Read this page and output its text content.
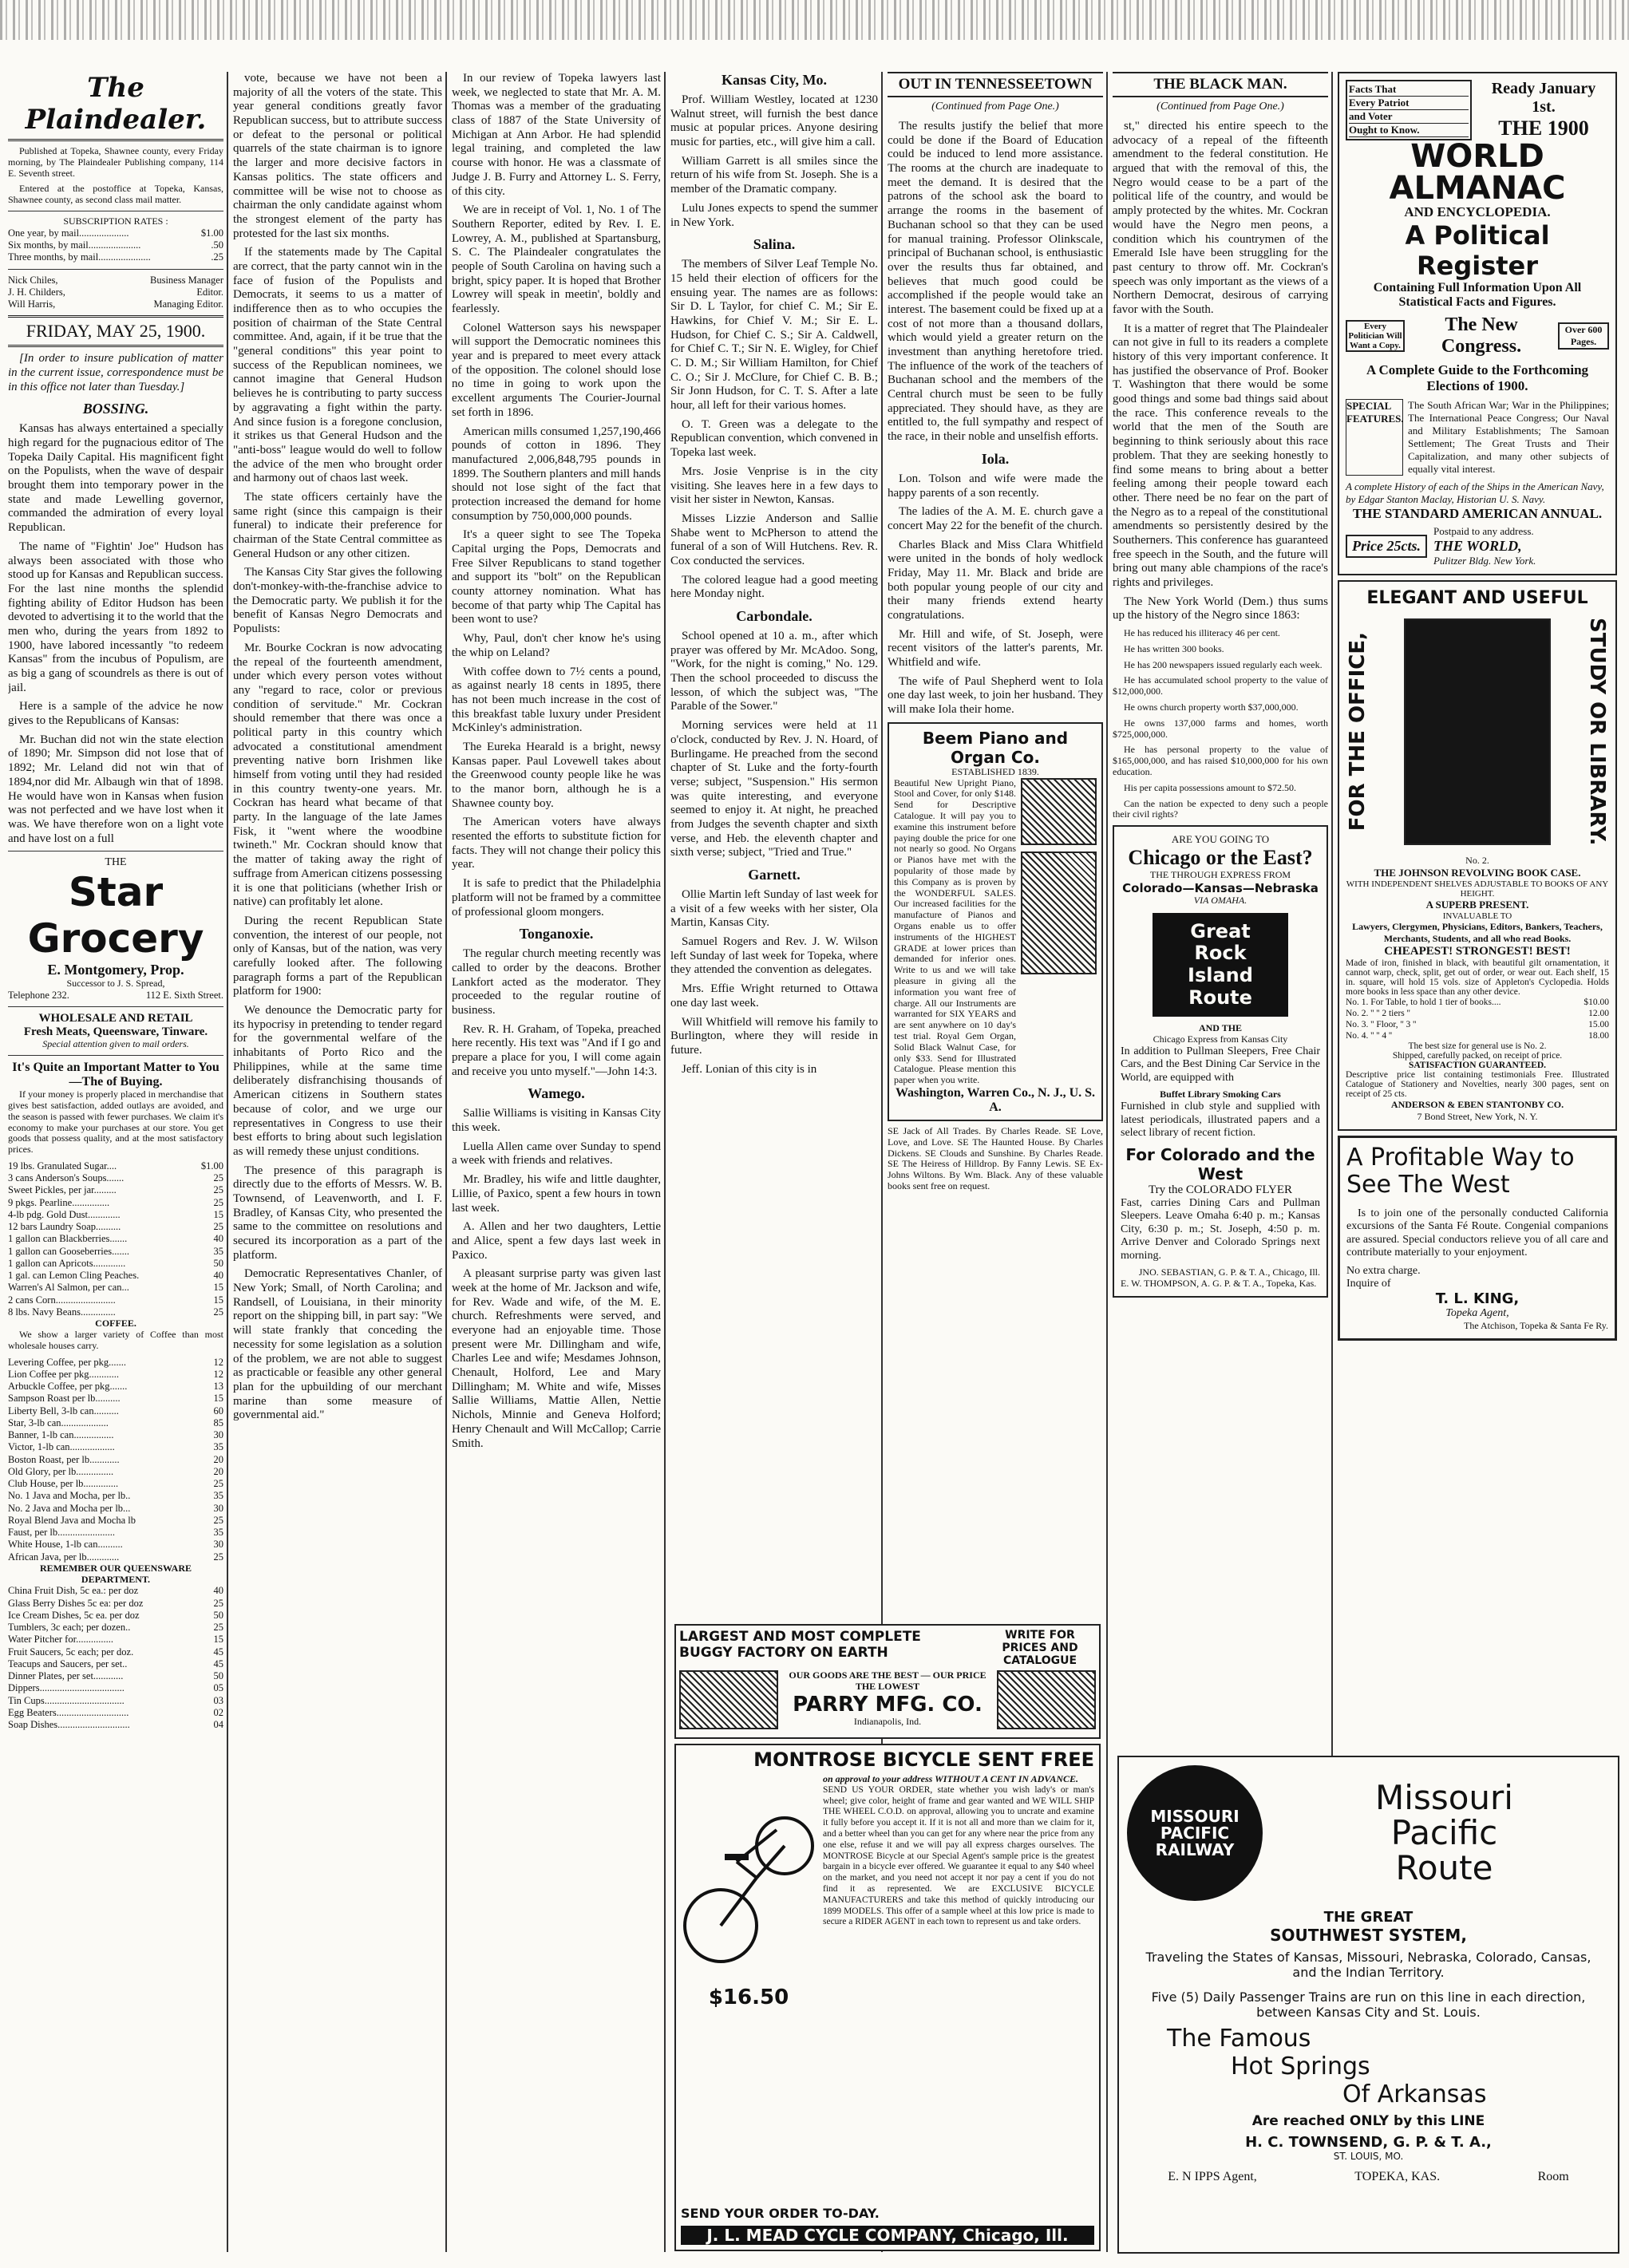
The Plaindealer.

Published at Topeka, Shawnee county, every Friday morning, by The Plaindealer Publishing company, 114 E. Seventh street.

Entered at the postoffice at Topeka, Kansas, Shawnee county, as second class mail matter.

SUBSCRIPTION RATES :
One year, by mail....................	$1.00
Six months, by mail.....................	.50
Three months, by mail.....................	.25
Nick Chiles,	Business Manager
J. H. Childers,	Editor.
Will Harris,	Managing Editor.
FRIDAY, MAY 25, 1900.

[In order to insure publication of matter in the current issue, correspondence must be in this office not later than Tuesday.]

BOSSING.

Kansas has always entertained a specially high regard for the pugnacious editor of The Topeka Daily Capital. His magnificent fight on the Populists, when the wave of despair brought them into temporary power in the state and made Lewelling governor, commanded the admiration of every loyal Republican.

The name of "Fightin' Joe" Hudson has always been associated with those who stood up for Kansas and Republican success. For the last nine months the splendid fighting ability of Editor Hudson has been devoted to advertising it to the world that the men who, during the years from 1892 to 1900, have labored incessantly "to redeem Kansas" from the incubus of Populism, are as big a gang of scoundrels as there is out of jail.

Here is a sample of the advice he now gives to the Republicans of Kansas:

Mr. Buchan did not win the state election of 1890; Mr. Simpson did not lose that of 1892; Mr. Leland did not win that of 1894,nor did Mr. Albaugh win that of 1898. He would have won in Kansas when fusion was not perfected and we have lost when it was. We have therefore won on a light vote and have lost on a full

THE
Star Grocery
E. Montgomery, Prop.
Successor to J. S. Spread,
Telephone 232.	112 E. Sixth Street.
WHOLESALE AND RETAIL
Fresh Meats, Queensware, Tinware.
Special attention given to mail orders.
It's Quite an Important Matter to You—The of Buying.

If your money is properly placed in merchandise that gives best satisfaction, added outlays are avoided, and the season is passed with fewer purchases. We claim it's economy to make your purchases at our store. You get goods that possess quality, and at the most satisfactory prices.

19 lbs. Granulated Sugar....	$1.00
3 cans Anderson's Soups.......	25
Sweet Pickles, per jar.........	25
9 pkgs. Pearline...............	25
4-lb pdg. Gold Dust.............	15
12 bars Laundry Soap..........	25
1 gallon can Blackberries.......	40
1 gallon can Gooseberries.......	35
1 gallon can Apricots.............	50
1 gal. can Lemon Cling Peaches.	40
Warren's Al Salmon, per can...	15
2 cans Corn........................	15
8 lbs. Navy Beans..............	25
COFFEE.

We show a larger variety of Coffee than most wholesale houses carry.

Levering Coffee, per pkg.......	12
Lion Coffee per pkg............	12
Arbuckle Coffee, per pkg.......	13
Sampson Roast per lb..........	15
Liberty Bell, 3-lb can..........	60
Star, 3-lb can...................	85
Banner, 1-lb can................	30
Victor, 1-lb can..................	35
Boston Roast, per lb............	20
Old Glory, per lb...............	20
Club House, per lb..............	25
No. 1 Java and Mocha, per lb..	35
No. 2 Java and Mocha per lb...	30
Royal Blend Java and Mocha lb	25
Faust, per lb.......................	35
White House, 1-lb can..........	30
African Java, per lb.............	25
REMEMBER OUR QUEENSWARE DEPARTMENT.
China Fruit Dish, 5c ea.: per doz	40
Glass Berry Dishes 5c ea: per doz	25
Ice Cream Dishes, 5c ea. per doz	50
Tumblers, 3c each; per dozen..	25
Water Pitcher for...............	15
Fruit Saucers, 5c each; per doz.	45
Teacups and Saucers, per set..	45
Dinner Plates, per set............	50
Dippers..................................	05
Tin Cups................................	03
Egg Beaters.............................	02
Soap Dishes.............................	04

vote, because we have not been a majority of all the voters of the state. This year general conditions greatly favor Republican success, but to attribute success or defeat to the personal or political quarrels of the state chairman is to ignore the larger and more decisive factors in Kansas politics. The state officers and committee will be wise not to choose as chairman the only candidate against whom the strongest element of the party has protested for the last six months.

If the statements made by The Capital are correct, that the party cannot win in the face of fusion of the Populists and Democrats, it seems to us a matter of indifference then as to who occupies the position of chairman of the State Central committee. And, again, if it be true that the "general conditions" this year point to success of the Republican nominees, we cannot imagine that General Hudson believes he is contributing to party success by aggravating a fight within the party. And since fusion is a foregone conclusion, it strikes us that General Hudson and the "anti-boss" league would do well to follow the advice of the men who brought order and harmony out of chaos last week.

The state officers certainly have the same right (since this campaign is their funeral) to indicate their preference for chairman of the State Central committee as General Hudson or any other citizen.

The Kansas City Star gives the following don't-monkey-with-the-franchise advice to the Democratic party. We publish it for the benefit of Kansas Negro Democrats and Populists:

Mr. Bourke Cockran is now advocating the repeal of the fourteenth amendment, under which every person votes without any "regard to race, color or previous condition of servitude." Mr. Cockran should remember that there was once a political party in this country which advocated a constitutional amendment preventing native born Irishmen like himself from voting until they had resided in this country twenty-one years. Mr. Cockran has heard what became of that party. In the language of the late James Fisk, it "went where the woodbine twineth." Mr. Cockran should know that the matter of taking away the right of suffrage from American citizens possessing it is one that politicians (whether Irish or native) can profitably let alone.

During the recent Republican State convention, the interest of our people, not only of Kansas, but of the nation, was very carefully looked after. The following paragraph forms a part of the Republican platform for 1900:

We denounce the Democratic party for its hypocrisy in pretending to tender regard for the governmental welfare of the inhabitants of Porto Rico and the Philippines, while at the same time deliberately disfranchising thousands of American citizens in Southern states because of color, and we urge our representatives in Congress to use their best efforts to bring about such legislation as will remedy these unjust conditions.

The presence of this paragraph is directly due to the efforts of Messrs. W. B. Townsend, of Leavenworth, and I. F. Bradley, of Kansas City, who presented the same to the committee on resolutions and secured its incorporation as a part of the platform.

Democratic Representatives Chanler, of New York; Small, of North Carolina; and Randsell, of Louisiana, in their minority report on the shipping bill, in part say: "We will state frankly that conceding the necessity for some legislation as a solution of the problem, we are not able to suggest as practicable or feasible any other general plan for the upbuilding of our merchant marine than some measure of governmental aid."

In our review of Topeka lawyers last week, we neglected to state that Mr. A. M. Thomas was a member of the graduating class of 1887 of the State University of Michigan at Ann Arbor. He had splendid legal training, and completed the law course with honor. He was a classmate of Judge J. B. Furry and Attorney L. S. Ferry, of this city.

We are in receipt of Vol. 1, No. 1 of The Southern Reporter, edited by Rev. I. E. Lowrey, A. M., published at Spartansburg, S. C. The Plaindealer congratulates the people of South Carolina on having such a bright, spicy paper. It is hoped that Brother Lowrey will speak in meetin', boldly and fearlessly.

Colonel Watterson says his newspaper will support the Democratic nominees this year and is prepared to meet every attack of the opposition. The colonel should lose no time in going to work upon the excellent arguments The Courier-Journal set forth in 1896.

American mills consumed 1,257,190,466 pounds of cotton in 1896. They manufactured 2,006,848,795 pounds in 1899. The Southern planters and mill hands should not lose sight of the fact that protection increased the demand for home consumption by 750,000,000 pounds.

It's a queer sight to see The Topeka Capital urging the Pops, Democrats and Free Silver Republicans to stand together and support its "bolt" on the Republican county attorney nomination. What has become of that party whip The Capital has been wont to use?

Why, Paul, don't cher know he's using the whip on Leland?

With coffee down to 7½ cents a pound, as against nearly 18 cents in 1895, there has not been much increase in the cost of this breakfast table luxury under President McKinley's administration.

The Eureka Hearald is a bright, newsy Kansas paper. Paul Lovewell takes about the Greenwood county people like he was to the manor born, although he is a Shawnee county boy.

The American voters have always resented the efforts to substitute fiction for facts. They will not change their policy this year.

It is safe to predict that the Philadelphia platform will not be framed by a committee of professional gloom mongers.

Tonganoxie.

The regular church meeting recently was called to order by the deacons. Brother Lankfort acted as the moderator. They proceeded to the regular routine of business.

Rev. R. H. Graham, of Topeka, preached here recently. His text was "And if I go and prepare a place for you, I will come again and receive you unto myself."—John 14:3.

Wamego.

Sallie Williams is visiting in Kansas City this week.

Luella Allen came over Sunday to spend a week with friends and relatives.

Mr. Bradley, his wife and little daughter, Lillie, of Paxico, spent a few hours in town last week.

A. Allen and her two daughters, Lettie and Alice, spent a few days last week in Paxico.

A pleasant surprise party was given last week at the home of Mr. Jackson and wife, for Rev. Wade and wife, of the M. E. church. Refreshments were served, and everyone had an enjoyable time. Those present were Mr. Dillingham and wife, Charles Lee and wife; Mesdames Johnson, Chenault, Holford, Lee and Mary Dillingham; M. White and wife, Misses Sallie Williams, Mattie Allen, Nettie Nichols, Minnie and Geneva Holford; Henry Chenault and Will McCallop; Carrie Smith.

Kansas City, Mo.

Prof. William Westley, located at 1230 Walnut street, will furnish the best dance music at popular prices. Anyone desiring music for parties, etc., will give him a call.

William Garrett is all smiles since the return of his wife from St. Joseph. She is a member of the Dramatic company.

Lulu Jones expects to spend the summer in New York.

Salina.

The members of Silver Leaf Temple No. 15 held their election of officers for the ensuing year. The names are as follows: Sir D. L Taylor, for chief C. M.; Sir E. Hawkins, for Chief V. M.; Sir E. L. Hudson, for Chief C. S.; Sir A. Caldwell, for Chief C. T.; Sir N. E. Wigley, for Chief C. D. M.; Sir William Hamilton, for Chief C. O.; Sir J. McClure, for Chief C. B. B.; Sir Jonn Hudson, for C. T. S. After a late hour, all left for their various homes.

O. T. Green was a delegate to the Republican convention, which convened in Topeka last week.

Mrs. Josie Venprise is in the city visiting. She leaves here in a few days to visit her sister in Newton, Kansas.

Misses Lizzie Anderson and Sallie Shabe went to McPherson to attend the funeral of a son of Will Hutchens. Rev. R. Cox conducted the services.

The colored league had a good meeting here Monday night.

Carbondale.

School opened at 10 a. m., after which prayer was offered by Mr. McAdoo. Song, "Work, for the night is coming," No. 129. Then the school proceeded to discuss the lesson, of which the subject was, "The Parable of the Sower."

Morning services were held at 11 o'clock, conducted by Rev. J. N. Hoard, of Burlingame. He preached from the second chapter of St. Luke and the forty-fourth verse; subject, "Suspension." His sermon was quite interesting, and everyone seemed to enjoy it. At night, he preached from Judges the seventh chapter and sixth verse, and Heb. the eleventh chapter and sixth verse; subject, "Tried and True."

Garnett.

Ollie Martin left Sunday of last week for a visit of a few weeks with her sister, Ola Martin, Kansas City.

Samuel Rogers and Rev. J. W. Wilson left Sunday of last week for Topeka, where they attended the convention as delegates.

Mrs. Effie Wright returned to Ottawa one day last week.

Will Whitfield will remove his family to Burlington, where they will reside in future.

Jeff. Lonian of this city is in

OUT IN TENNESSEETOWN
(Continued from Page One.)

The results justify the belief that more could be done if the Board of Education could be induced to lend more assistance. The rooms at the church are inadequate to meet the demand. It is desired that the patrons of the school ask the board to arrange the rooms in the basement of Buchanan school so that they can be used for manual training. Professor Olinkscale, principal of Buchanan school, is enthusiastic over the results thus far obtained, and believes that much good could be accomplished if the people would take an interest. The basement could be fixed up at a cost of not more than a thousand dollars, which would yield a greater return on the investment than anything heretofore tried. The influence of the work of the teachers of Buchanan school and the members of the Central church must be seen to be fully appreciated. They should have, as they are entitled to, the full sympathy and respect of the race, in their noble and unselfish efforts.

Iola.

Lon. Tolson and wife were made the happy parents of a son recently.

The ladies of the A. M. E. church gave a concert May 22 for the benefit of the church.

Charles Black and Miss Clara Whitfield were united in the bonds of holy wedlock Friday, May 11. Mr. Black and bride are both popular young people of our city and their many friends extend hearty congratulations.

Mr. Hill and wife, of St. Joseph, were recent visitors of the latter's parents, Mr. Whitfield and wife.

The wife of Paul Shepherd went to Iola one day last week, to join her husband. They will make Iola their home.

Beem Piano and Organ Co.
ESTABLISHED 1839.
Beautiful New Upright Piano, Stool and Cover, for only $148. Send for Descriptive Catalogue. It will pay you to examine this instrument before paying double the price for one not nearly so good. No Organs or Pianos have met with the popularity of those made by this Company as is proven by the WONDERFUL SALES. Our increased facilities for the manufacture of Pianos and Organs enable us to offer instruments of the HIGHEST GRADE at lower prices than demanded for inferior ones. Write to us and we will take pleasure in giving all the information you want free of charge. All our Instruments are warranted for SIX YEARS and are sent anywhere on 10 day's test trial. Royal Gem Organ, Solid Black Walnut Case, for only $33. Send for Illustrated Catalogue. Please mention this paper when you write.
Washington, Warren Co., N. J., U. S. A.
SE Jack of All Trades. By Charles Reade. SE Love, Love, and Love. SE The Haunted House. By Charles Dickens. SE Clouds and Sunshine. By Charles Reade. SE The Heiress of Hilldrop. By Fanny Lewis. SE Ex-Johns Wiltons. By Wm. Black. Any of these valuable books sent free on request.
THE BLACK MAN.
(Continued from Page One.)

st," directed his entire speech to the advocacy of a repeal of the fifteenth amendment to the federal constitution. He argued that with the removal of this, the Negro would cease to be a part of the political life of the country, and would be amply protected by the whites. Mr. Cockran would have the Negro men peons, a condition which his countrymen of the Emerald Isle have been struggling for the past century to throw off. Mr. Cockran's speech was only important as the views of a Northern Democrat, desirous of carrying favor with the South.

It is a matter of regret that The Plaindealer can not give in full to its readers a complete history of this very important conference. It has justified the observance of Prof. Booker T. Washington that there would be some good things and some bad things said about the race. This conference reveals to the world that the men of the South are beginning to think seriously about this race problem. That they are seeking honestly to find some means to bring about a better feeling among their people toward each other. There need be no fear on the part of the Negro as to a repeal of the constitutional amendments so persistently desired by the Southerners. This conference has guaranteed free speech in the South, and the future will bring out many able champions of the race's rights and privileges.

The New York World (Dem.) thus sums up the history of the Negro since 1863:

He has reduced his illiteracy 46 per cent.

He has written 300 books.

He has 200 newspapers issued regularly each week.

He has accumulated school property to the value of $12,000,000.

He owns church property worth $37,000,000.

He owns 137,000 farms and homes, worth $725,000,000.

He has personal property to the value of $165,000,000, and has raised $10,000,000 for his own education.

His per capita possessions amount to $72.50.

Can the nation be expected to deny such a people their civil rights?

ARE YOU GOING TO
Chicago or the East?
THE THROUGH EXPRESS FROM
Colorado—Kansas—Nebraska
VIA OMAHA.
Great
Rock Island
Route
AND THE
Chicago Express from Kansas City

In addition to Pullman Sleepers, Free Chair Cars, and the Best Dining Car Service in the World, are equipped with

Buffet Library Smoking Cars

Furnished in club style and supplied with latest periodicals, illustrated papers and a select library of recent fiction.

For Colorado and the West
Try the COLORADO FLYER

Fast, carries Dining Cars and Pullman Sleepers. Leave Omaha 6:40 p. m.; Kansas City, 6:30 p. m.; St. Joseph, 4:50 p. m. Arrive Denver and Colorado Springs next morning.

JNO. SEBASTIAN, G. P. & T. A., Chicago, Ill.
E. W. THOMPSON, A. G. P. & T. A., Topeka, Kas.
Facts That
Every Patriot
and Voter
Ought to Know.
Ready January 1st.
THE 1900
WORLD ALMANAC
AND ENCYCLOPEDIA.
A Political Register
Containing Full Information Upon All Statistical Facts and Figures.
Every Politician Will Want a Copy.
The New Congress.
Over 600 Pages.
A Complete Guide to the Forthcoming Elections of 1900.
SPECIAL FEATURES.
The South African War; War in the Philippines; The International Peace Congress; Our Naval and Military Establishments; The Samoan Settlement; The Great Trusts and Their Capitalization, and many other subjects of equally vital interest.
A complete History of each of the Ships in the American Navy, by Edgar Stanton Maclay, Historian U. S. Navy.
THE STANDARD AMERICAN ANNUAL.
Price 25cts.
Postpaid to any address.
THE WORLD,
Pulitzer Bldg. New York.
ELEGANT AND USEFUL
FOR THE OFFICE,	STUDY OR LIBRARY.
No. 2.
THE JOHNSON REVOLVING BOOK CASE.
WITH INDEPENDENT SHELVES ADJUSTABLE TO BOOKS OF ANY HEIGHT.
A SUPERB PRESENT.
INVALUABLE TO
Lawyers, Clergymen, Physicians, Editors, Bankers, Teachers, Merchants, Students, and all who read Books.
CHEAPEST! STRONGEST! BEST!
Made of iron, finished in black, with beautiful gilt ornamentation, it cannot warp, check, split, get out of order, or wear out. Each shelf, 15 in. square, will hold 15 vols. size of Appleton's Cyclopedia. Holds more books in less space than any other device.
No. 1. For Table, to hold 1 tier of books....	$10.00
No. 2. '' '' 2 tiers ''	12.00
No. 3. '' Floor, '' 3 ''	15.00
No. 4. '' '' 4 ''	18.00
The best size for general use is No. 2.
Shipped, carefully packed, on receipt of price.
SATISFACTION GUARANTEED.
Descriptive price list containing testimonials Free. Illustrated Catalogue of Stationery and Novelties, nearly 300 pages, sent on receipt of 25 cts.
ANDERSON & EBEN STANTONBY CO.
7 Bond Street, New York, N. Y.
A Profitable Way to See The West

Is to join one of the personally conducted California excursions of the Santa Fé Route. Congenial companions are assured. Special conductors relieve you of all care and contribute materially to your enjoyment.

No extra charge.
Inquire of
T. L. KING,
Topeka Agent,
The Atchison, Topeka & Santa Fe Ry.
LARGEST AND MOST COMPLETE BUGGY FACTORY ON EARTH
WRITE FOR PRICES AND CATALOGUE
OUR GOODS ARE THE BEST — OUR PRICE THE LOWEST
PARRY MFG. CO.
Indianapolis, Ind.
MONTROSE BICYCLE SENT FREE
$16.50
on approval to your address WITHOUT A CENT IN ADVANCE.
SEND US YOUR ORDER, state whether you wish lady's or man's wheel; give color, height of frame and gear wanted and WE WILL SHIP THE WHEEL C.O.D. on approval, allowing you to uncrate and examine it fully before you accept it. If it is not all and more than we claim for it, and a better wheel than you can get for any where near the price from any one else, refuse it and we will pay all express charges ourselves. The MONTROSE Bicycle at our Special Agent's sample price is the greatest bargain in a bicycle ever offered. We guarantee it equal to any $40 wheel on the market, and you need not accept it nor pay a cent if you do not find it as represented. We are EXCLUSIVE BICYCLE MANUFACTURERS and take this method of quickly introducing our 1899 MODELS. This offer of a sample wheel at this low price is made to secure a RIDER AGENT in each town to represent us and take orders.
SEND YOUR ORDER TO-DAY.
J. L. MEAD CYCLE COMPANY, Chicago, Ill.
MISSOURI PACIFIC RAILWAY
Missouri
Pacific
Route
THE GREAT
SOUTHWEST SYSTEM,
Traveling the States of Kansas, Missouri, Nebraska, Colorado, Cansas, and the Indian Territory.
Five (5) Daily Passenger Trains are run on this line in each direction, between Kansas City and St. Louis.
The Famous
Hot Springs
Of Arkansas
Are reached ONLY by this LINE
H. C. TOWNSEND, G. P. & T. A.,
ST. LOUIS, MO.
E. N IPPS Agent,	TOPEKA, KAS.	Room
